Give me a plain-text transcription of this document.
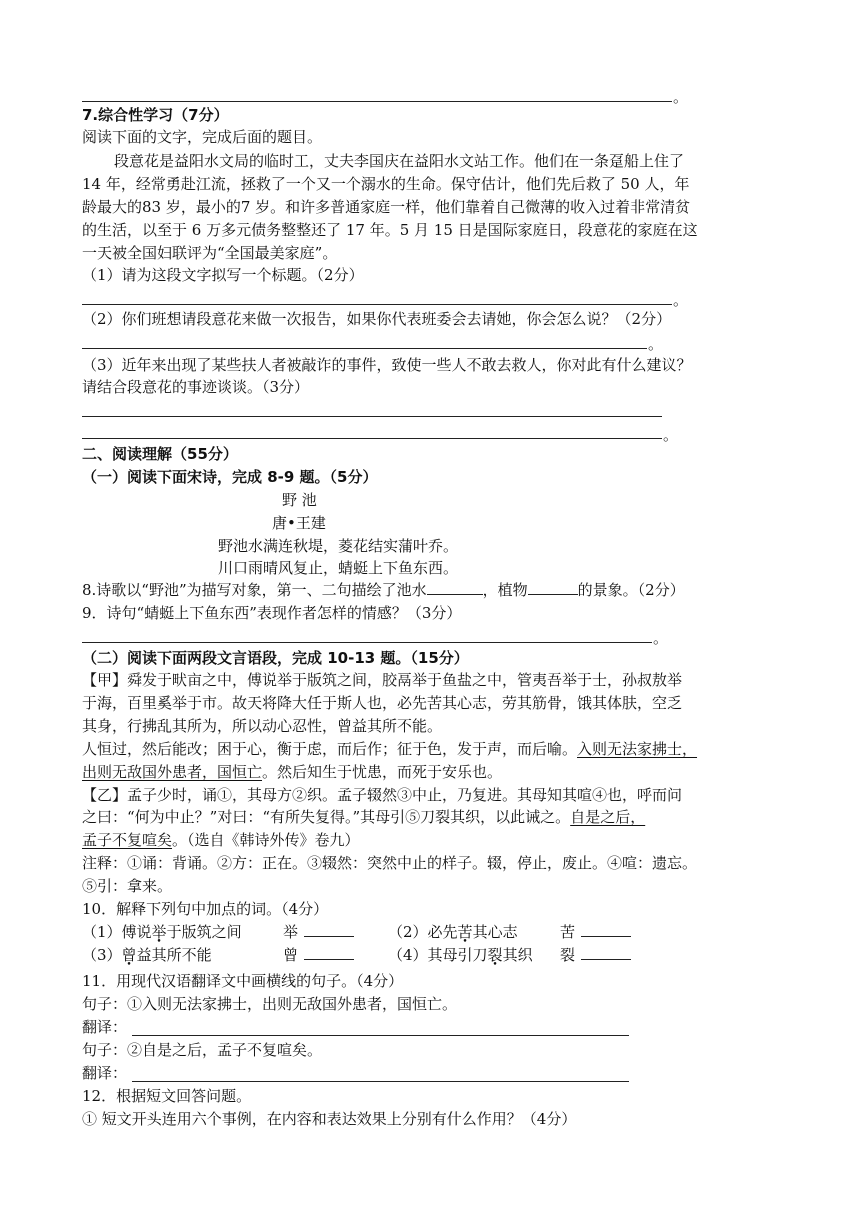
。
7.综合性学习（7分）
阅读下面的文字，完成后面的题目。
段意花是益阳水文局的临时工，丈夫李国庆在益阳水文站工作。他们在一条趸船上住了
14 年，经常勇赴江流，拯救了一个又一个溺水的生命。保守估计，他们先后救了 50 人，年
龄最大的83 岁，最小的7 岁。和许多普通家庭一样，他们靠着自己微薄的收入过着非常清贫
的生活，以至于 6 万多元债务整整还了 17 年。5 月 15 日是国际家庭日，段意花的家庭在这
一天被全国妇联评为“全国最美家庭”。
（1）请为这段文字拟写一个标题。（2分）
。
（2）你们班想请段意花来做一次报告，如果你代表班委会去请她，你会怎么说？（2分）
。
（3）近年来出现了某些扶人者被敲诈的事件，致使一些人不敢去救人，你对此有什么建议？
请结合段意花的事迹谈谈。（3分）
。
二、阅读理解（55分）
（一）阅读下面宋诗，完成 8-9 题。（5分）
野 池
唐•王建
野池水满连秋堤，菱花结实蒲叶乔。
川口雨晴风复止，蜻蜓上下鱼东西。
8.诗歌以“野池”为描写对象，第一、二句描绘了池水	，植物	的景象。（2分）
9．诗句“蜻蜓上下鱼东西”表现作者怎样的情感？（3分）
。
（二）阅读下面两段文言语段，完成 10-13 题。（15分）
【甲】舜发于畎亩之中，傅说举于版筑之间，胶鬲举于鱼盐之中，管夷吾举于士，孙叔敖举
于海，百里奚举于市。故天将降大任于斯人也，必先苦其心志，劳其筋骨，饿其体肤，空乏
其身，行拂乱其所为，所以动心忍性，曾益其所不能。
人恒过，然后能改；困于心，衡于虑，而后作；征于色，发于声，而后喻。入则无法家拂士，
出则无敌国外患者，国恒亡。然后知生于忧患，而死于安乐也。
【乙】孟子少时，诵①，其母方②织。孟子辍然③中止，乃复进。其母知其喧④也，呼而问
之曰：“何为中止？”对曰：“有所失复得。”其母引⑤刀裂其织，以此诫之。自是之后，
孟子不复喧矣。（选自《韩诗外传》卷九）
注释：①诵：背诵。②方：正在。③辍然：突然中止的样子。辍，停止，废止。④喧：遗忘。
⑤引：拿来。
10．解释下列句中加点的词。（4分）
（1）傅说举于版筑之间	举	（2）必先苦其心志	苦
（3）曾益其所不能	曾	（4）其母引刀裂其织 裂
11．用现代汉语翻译文中画横线的句子。（4分）
句子：①入则无法家拂士，出则无敌国外患者，国恒亡。
翻译：
句子：②自是之后，孟子不复喧矣。
翻译：
12．根据短文回答问题。
① 短文开头连用六个事例，在内容和表达效果上分别有什么作用？（4分）
